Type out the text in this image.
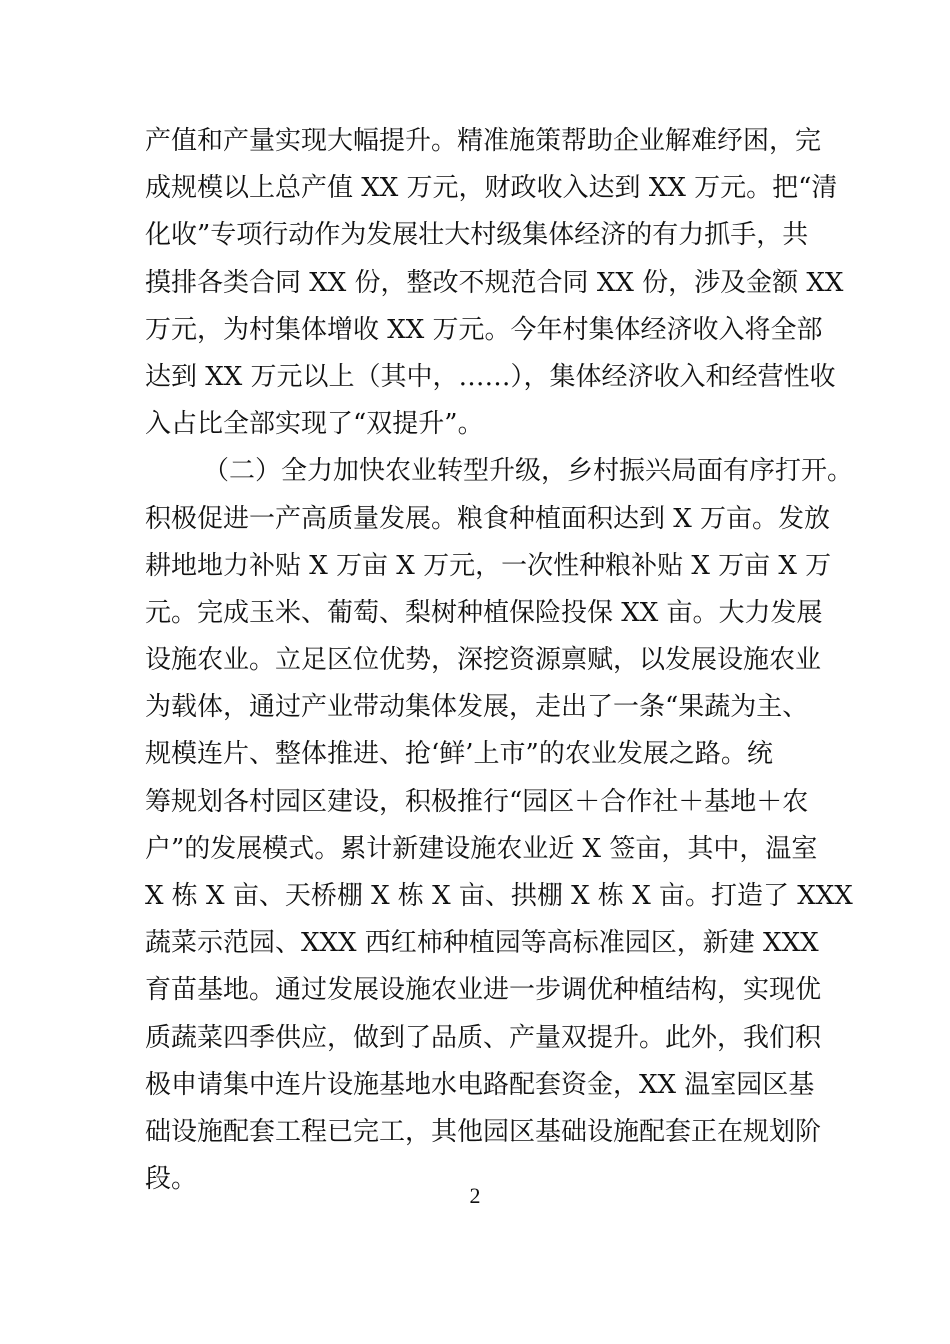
产值和产量实现大幅提升。精准施策帮助企业解难纾困，完
成规模以上总产值 XX 万元，财政收入达到 XX 万元。把“清
化收”专项行动作为发展壮大村级集体经济的有力抓手，共
摸排各类合同 XX 份，整改不规范合同 XX 份，涉及金额 XX
万元，为村集体增收 XX 万元。今年村集体经济收入将全部
达到 XX 万元以上（其中，……），集体经济收入和经营性收
入占比全部实现了“双提升”。
（二）全力加快农业转型升级，乡村振兴局面有序打开。
积极促进一产高质量发展。粮食种植面积达到 X 万亩。发放
耕地地力补贴 X 万亩 X 万元，一次性种粮补贴 X 万亩 X 万
元。完成玉米、葡萄、梨树种植保险投保 XX 亩。大力发展
设施农业。立足区位优势，深挖资源禀赋，以发展设施农业
为载体，通过产业带动集体发展，走出了一条“果蔬为主、
规模连片、整体推进、抢‘鲜’上市”的农业发展之路。统
筹规划各村园区建设，积极推行“园区＋合作社＋基地＋农
户”的发展模式。累计新建设施农业近 X 签亩，其中，温室
X 栋 X 亩、天桥棚 X 栋 X 亩、拱棚 X 栋 X 亩。打造了 XXX
蔬菜示范园、XXX 西红柿种植园等高标准园区，新建 XXX
育苗基地。通过发展设施农业进一步调优种植结构，实现优
质蔬菜四季供应，做到了品质、产量双提升。此外，我们积
极申请集中连片设施基地水电路配套资金，XX 温室园区基
础设施配套工程已完工，其他园区基础设施配套正在规划阶
段。
2
